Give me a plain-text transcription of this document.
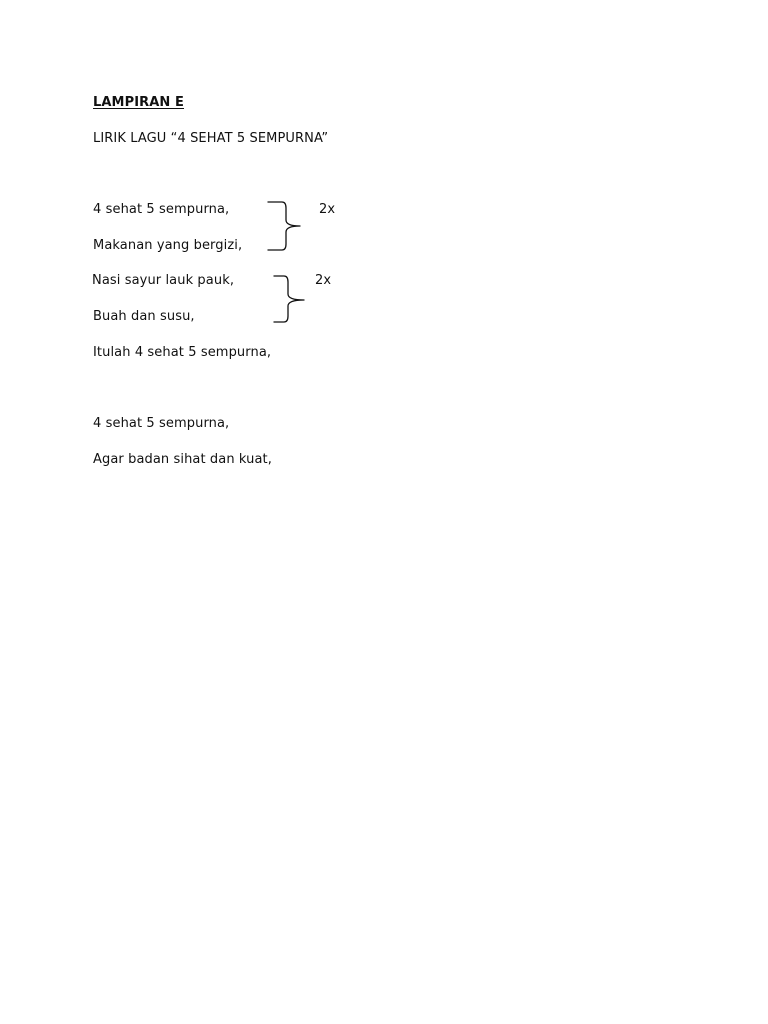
LAMPIRAN E
LIRIK LAGU “4 SEHAT 5 SEMPURNA”
4 sehat 5 sempurna,
Makanan yang bergizi,
Nasi sayur lauk pauk,
Buah dan susu,
Itulah 4 sehat 5 sempurna,
2x
2x
4 sehat 5 sempurna,
Agar badan sihat dan kuat,
